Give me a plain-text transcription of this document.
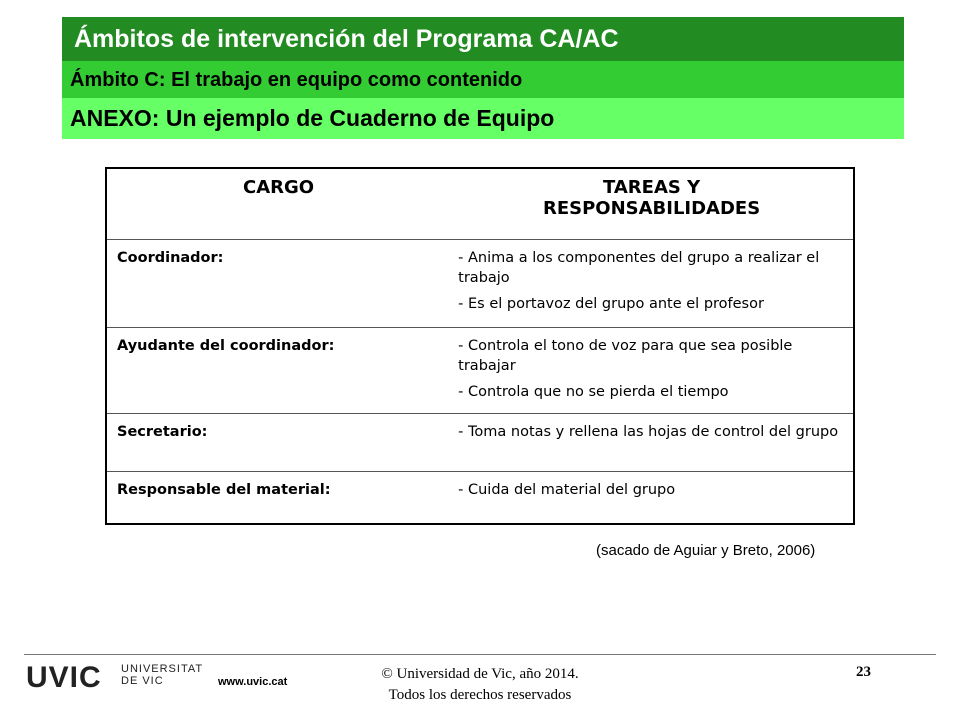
Ámbitos de intervención del Programa CA/AC
Ámbito C: El trabajo en equipo como contenido
ANEXO: Un ejemplo de Cuaderno de Equipo
CARGO	TAREAS Y RESPONSABILIDADES
Coordinador:	- Anima a los componentes del grupo a realizar el trabajo
- Es el portavoz del grupo ante el profesor

Ayudante del coordinador:	- Controla el tono de voz para que sea posible trabajar
- Controla que no se pierda el tiempo

Secretario:	- Toma notas y rellena las hojas de control del grupo

Responsable del material:	- Cuida del material del grupo
(sacado de Aguiar y Breto, 2006)
UVIC UNIVERSITAT
DE VIC	www.uvic.cat	© Universidad de Vic, año 2014.
Todos los derechos reservados
23
